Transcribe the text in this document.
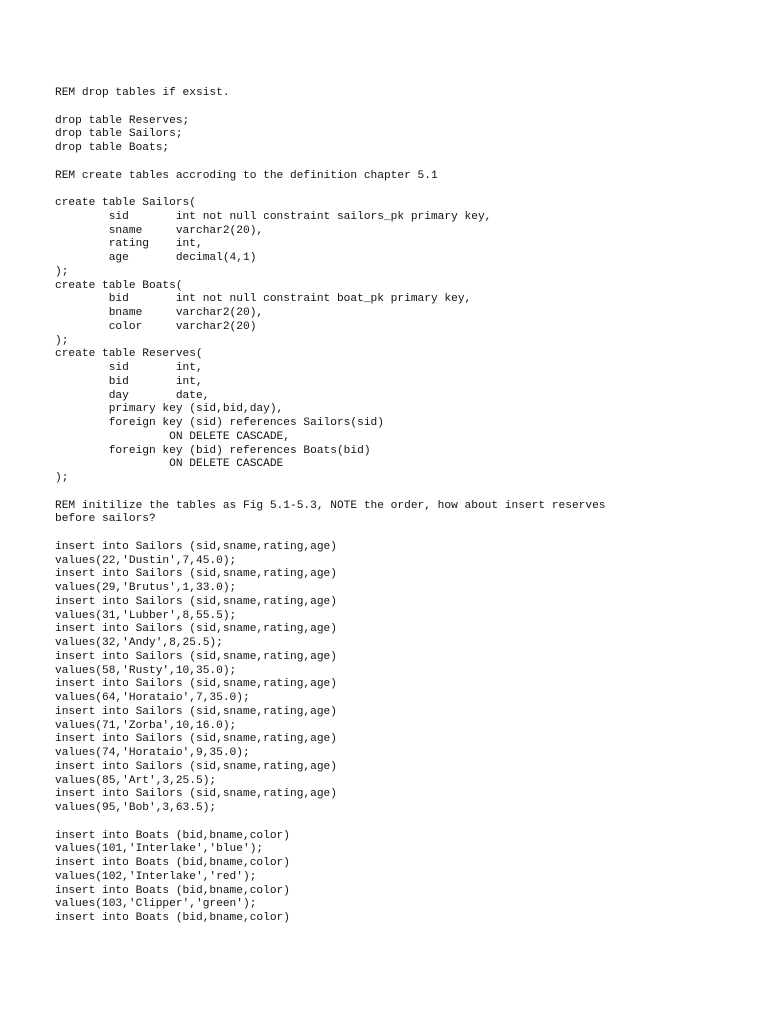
REM drop tables if exsist.
drop table Reserves;
drop table Sailors;
drop table Boats;
REM create tables accroding to the definition chapter 5.1
create table Sailors(
sid       int not null constraint sailors_pk primary key,
sname     varchar2(20),
rating    int,
age       decimal(4,1)
);
create table Boats(
bid       int not null constraint boat_pk primary key,
bname     varchar2(20),
color     varchar2(20)
);
create table Reserves(
sid       int,
bid       int,
day       date,
primary key (sid,bid,day),
foreign key (sid) references Sailors(sid)
ON DELETE CASCADE,
foreign key (bid) references Boats(bid)
ON DELETE CASCADE
);
REM initilize the tables as Fig 5.1-5.3, NOTE the order, how about insert reserves
before sailors?
insert into Sailors (sid,sname,rating,age)
values(22,'Dustin',7,45.0);
insert into Sailors (sid,sname,rating,age)
values(29,'Brutus',1,33.0);
insert into Sailors (sid,sname,rating,age)
values(31,'Lubber',8,55.5);
insert into Sailors (sid,sname,rating,age)
values(32,'Andy',8,25.5);
insert into Sailors (sid,sname,rating,age)
values(58,'Rusty',10,35.0);
insert into Sailors (sid,sname,rating,age)
values(64,'Horataio',7,35.0);
insert into Sailors (sid,sname,rating,age)
values(71,'Zorba',10,16.0);
insert into Sailors (sid,sname,rating,age)
values(74,'Horataio',9,35.0);
insert into Sailors (sid,sname,rating,age)
values(85,'Art',3,25.5);
insert into Sailors (sid,sname,rating,age)
values(95,'Bob',3,63.5);
insert into Boats (bid,bname,color)
values(101,'Interlake','blue');
insert into Boats (bid,bname,color)
values(102,'Interlake','red');
insert into Boats (bid,bname,color)
values(103,'Clipper','green');
insert into Boats (bid,bname,color)
